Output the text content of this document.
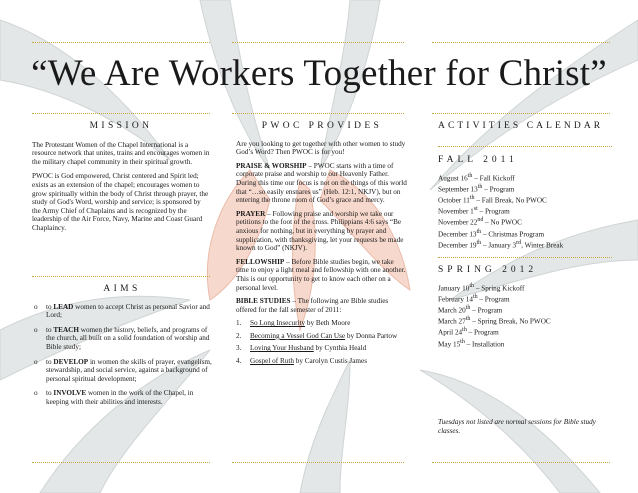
“We Are Workers Together for Christ”
MISSION

The Protestant Women of the Chapel International is a resource network that unites, trains and encourages women in the military chapel community in their spiritual growth.

PWOC is God empowered, Christ centered and Spirit led; exists as an extension of the chapel; encourages women to grow spiritually within the body of Christ through prayer, the study of God's Word, worship and service; is sponsored by the Army Chief of Chaplains and is recognized by the leadership of the Air Force, Navy, Marine and Coast Guard Chaplaincy.

AIMS
o to LEAD women to accept Christ as personal Savior and Lord;
o to TEACH women the history, beliefs, and programs of the church, all built on a solid foundation of worship and Bible study;
o to DEVELOP in women the skills of prayer, evangelism, stewardship, and social service, against a background of personal spiritual development;
o to INVOLVE women in the work of the Chapel, in keeping with their abilities and interests.
PWOC PROVIDES

Are you looking to get together with other women to study God’s Word? Then PWOC is for you!

PRAISE & WORSHIP – PWOC starts with a time of corporate praise and worship to our Heavenly Father. During this time our focus is not on the things of this world that “…so easily ensnares us” (Heb. 12:1, NKJV), but on entering the throne room of God’s grace and mercy.

PRAYER – Following praise and worship we take our petitions to the foot of the cross. Philippians 4:6 says “Be anxious for nothing, but in everything by prayer and supplication, with thanksgiving, let your requests be made known to God” (NKJV).

FELLOWSHIP – Before Bible studies begin, we take time to enjoy a light meal and fellowship with one another. This is our opportunity to get to know each other on a personal level.

BIBLE STUDIES – The following are Bible studies offered for the fall semester of 2011:

1. So Long Insecurity by Beth Moore
2. Becoming a Vessel God Can Use by Donna Partow
3. Loving Your Husband by Cynthia Heald
4. Gospel of Ruth by Carolyn Custis James
ACTIVITIES CALENDAR
FALL 2011
August 16th – Fall Kickoff
September 13th – Program
October 11th – Fall Break, No PWOC
November 1st – Program
November 22nd – No PWOC
December 13th – Christmas Program
December 19th – January 3rd, Winter Break
SPRING 2012
January 10th – Spring Kickoff
February 14th – Program
March 20th – Program
March 27th – Spring Break, No PWOC
April 24th – Program
May 15th – Installation
Tuesdays not listed are normal sessions for Bible study classes.
